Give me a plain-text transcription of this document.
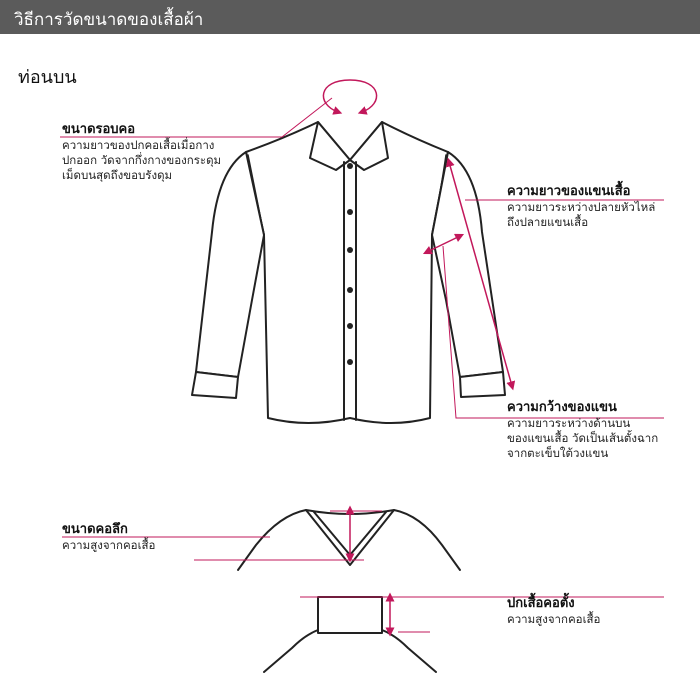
วิธีการวัดขนาดของเสื้อผ้า
ท่อนบน
ขนาดรอบคอ
ความยาวของปกคอเสื้อเมื่อกาง
ปกออก วัดจากกึ่งกางของกระดุม
เม็ดบนสุดถึงขอบรังดุม
ความยาวของแขนเสื้อ
ความยาวระหว่างปลายหัวไหล่
ถึงปลายแขนเสื้อ
ความกว้างของแขน
ความยาวระหว่างด้านบน
ของแขนเสื้อ วัดเป็นเส้นตั้งฉาก
จากตะเข็บใต้วงแขน
ขนาดคอลึก
ความสูงจากคอเสื้อ
ปกเสื้อคอตั้ง
ความสูงจากคอเสื้อ
